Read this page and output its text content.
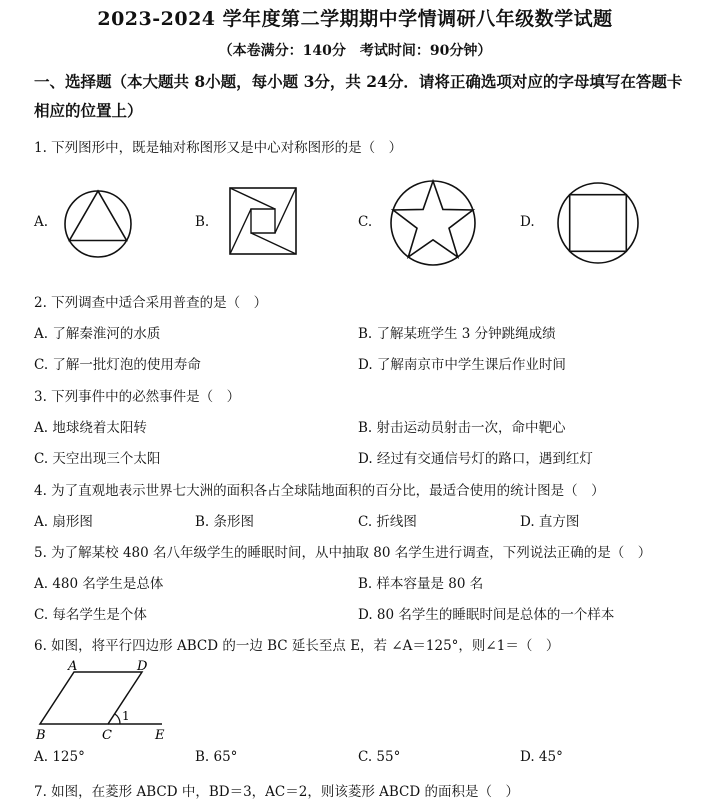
2023-2024 学年度第二学期期中学情调研八年级数学试题
（本卷满分：140分　考试时间：90分钟）
一、选择题（本大题共 8小题，每小题 3分，共 24分．请将正确选项对应的字母填写在答题卡相应的位置上）
1. 下列图形中，既是轴对称图形又是中心对称图形的是（　）
A.	B.	C.	D.
2. 下列调查中适合采用普查的是（　）
A. 了解秦淮河的水质	B. 了解某班学生 3 分钟跳绳成绩
C. 了解一批灯泡的使用寿命	D. 了解南京市中学生课后作业时间
3. 下列事件中的必然事件是（　）
A. 地球绕着太阳转	B. 射击运动员射击一次，命中靶心
C. 天空出现三个太阳	D. 经过有交通信号灯的路口，遇到红灯
4. 为了直观地表示世界七大洲的面积各占全球陆地面积的百分比，最适合使用的统计图是（　）
A. 扇形图	B. 条形图	C. 折线图	D. 直方图
5. 为了解某校 480 名八年级学生的睡眠时间，从中抽取 80 名学生进行调查，下列说法正确的是（　）
A. 480 名学生是总体	B. 样本容量是 80 名
C. 每名学生是个体	D. 80 名学生的睡眠时间是总体的一个样本
6. 如图，将平行四边形 ABCD 的一边 BC 延长至点 E，若 ∠A＝125°，则∠1＝（　）
A	D
B	C	E
1
A. 125°	B. 65°	C. 55°	D. 45°
7. 如图，在菱形 ABCD 中，BD＝3，AC＝2，则该菱形 ABCD 的面积是（　）
